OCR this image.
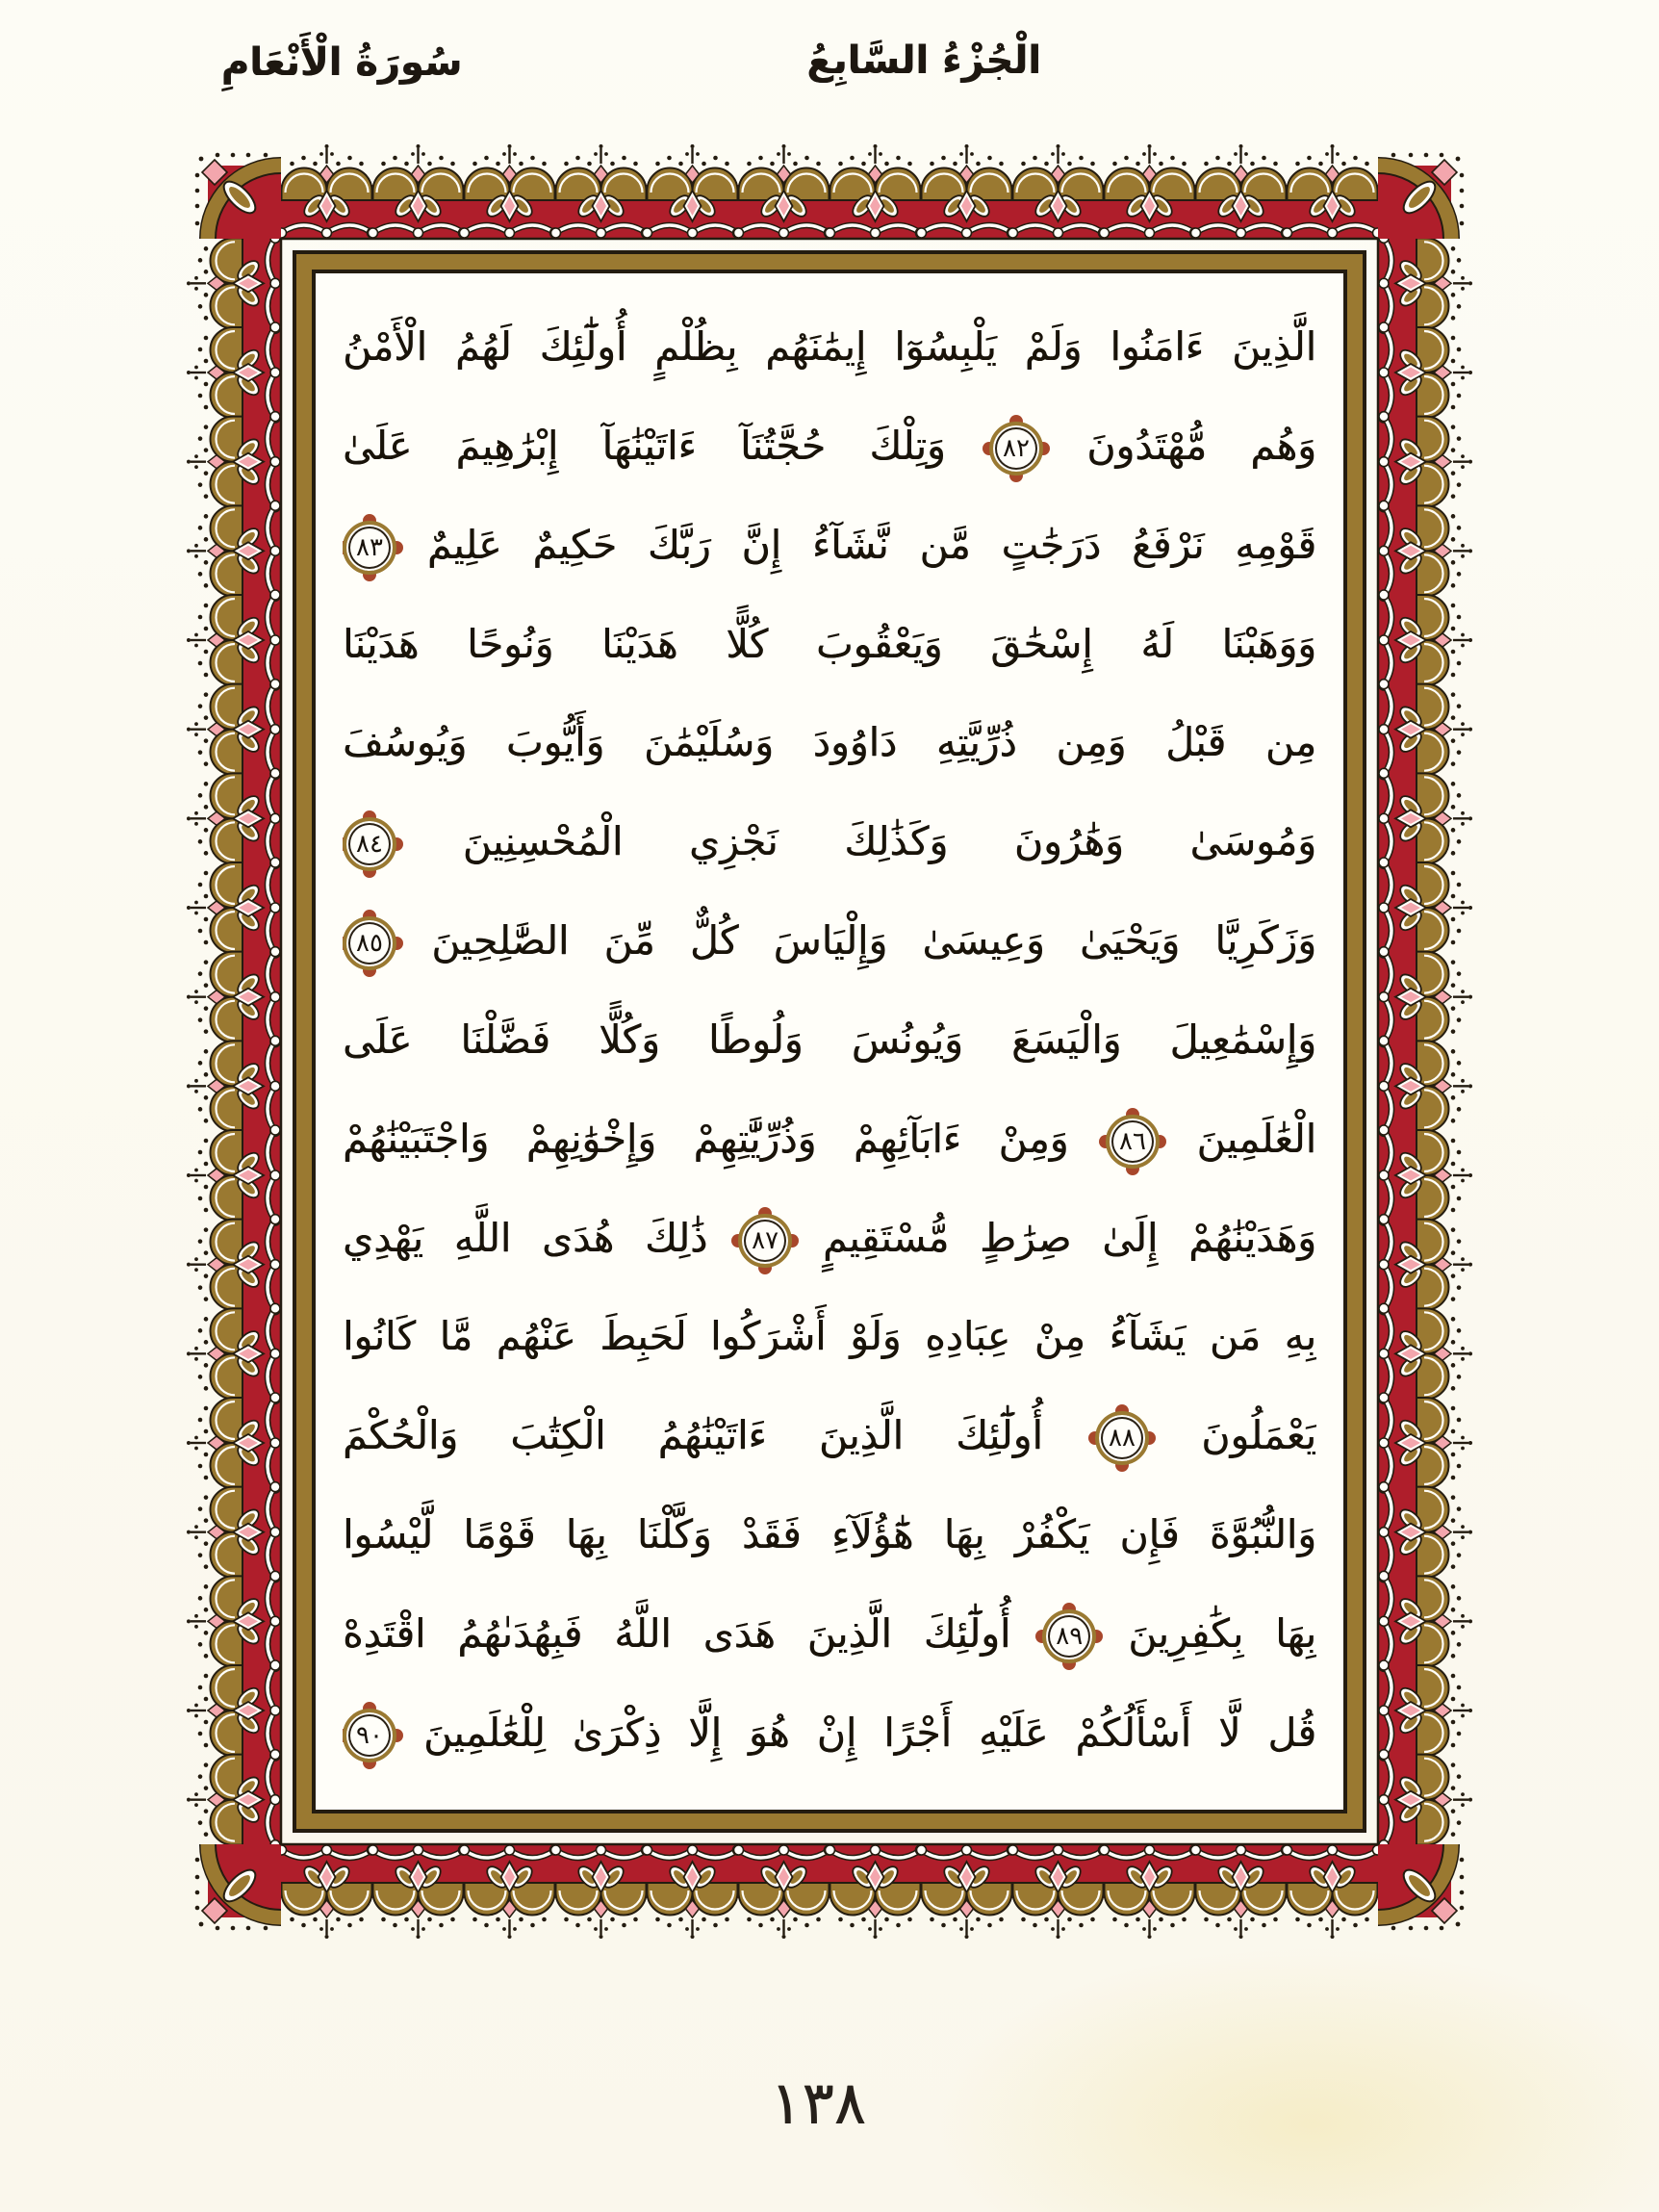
سُورَةُ الْأَنْعَامِ	الْجُزْءُ السَّابِعُ
الَّذِينَ ءَامَنُوا وَلَمْ يَلْبِسُوٓا إِيمَٰنَهُم بِظُلْمٍ أُولَٰٓئِكَ لَهُمُ الْأَمْنُ
وَهُم مُّهْتَدُونَ ٨٢ وَتِلْكَ حُجَّتُنَآ ءَاتَيْنَٰهَآ إِبْرَٰهِيمَ عَلَىٰ
قَوْمِهِ نَرْفَعُ دَرَجَٰتٍ مَّن نَّشَآءُ إِنَّ رَبَّكَ حَكِيمٌ عَلِيمٌ ٨٣
وَوَهَبْنَا لَهُ إِسْحَٰقَ وَيَعْقُوبَ كُلًّا هَدَيْنَا وَنُوحًا هَدَيْنَا
مِن قَبْلُ وَمِن ذُرِّيَّتِهِ دَاوُودَ وَسُلَيْمَٰنَ وَأَيُّوبَ وَيُوسُفَ
وَمُوسَىٰ وَهَٰرُونَ وَكَذَٰلِكَ نَجْزِي الْمُحْسِنِينَ ٨٤
وَزَكَرِيَّا وَيَحْيَىٰ وَعِيسَىٰ وَإِلْيَاسَ كُلٌّ مِّنَ الصَّٰلِحِينَ ٨٥
وَإِسْمَٰعِيلَ وَالْيَسَعَ وَيُونُسَ وَلُوطًا وَكُلًّا فَضَّلْنَا عَلَى
الْعَٰلَمِينَ ٨٦ وَمِنْ ءَابَآئِهِمْ وَذُرِّيَّٰتِهِمْ وَإِخْوَٰنِهِمْ وَاجْتَبَيْنَٰهُمْ
وَهَدَيْنَٰهُمْ إِلَىٰ صِرَٰطٍ مُّسْتَقِيمٍ ٨٧ ذَٰلِكَ هُدَى اللَّهِ يَهْدِي
بِهِ مَن يَشَآءُ مِنْ عِبَادِهِ وَلَوْ أَشْرَكُوا لَحَبِطَ عَنْهُم مَّا كَانُوا
يَعْمَلُونَ ٨٨ أُولَٰٓئِكَ الَّذِينَ ءَاتَيْنَٰهُمُ الْكِتَٰبَ وَالْحُكْمَ
وَالنُّبُوَّةَ فَإِن يَكْفُرْ بِهَا هَٰٓؤُلَآءِ فَقَدْ وَكَّلْنَا بِهَا قَوْمًا لَّيْسُوا
بِهَا بِكَٰفِرِينَ ٨٩ أُولَٰٓئِكَ الَّذِينَ هَدَى اللَّهُ فَبِهُدَىٰهُمُ اقْتَدِهْ
قُل لَّا أَسْأَلُكُمْ عَلَيْهِ أَجْرًا إِنْ هُوَ إِلَّا ذِكْرَىٰ لِلْعَٰلَمِينَ ٩٠
١٣٨
